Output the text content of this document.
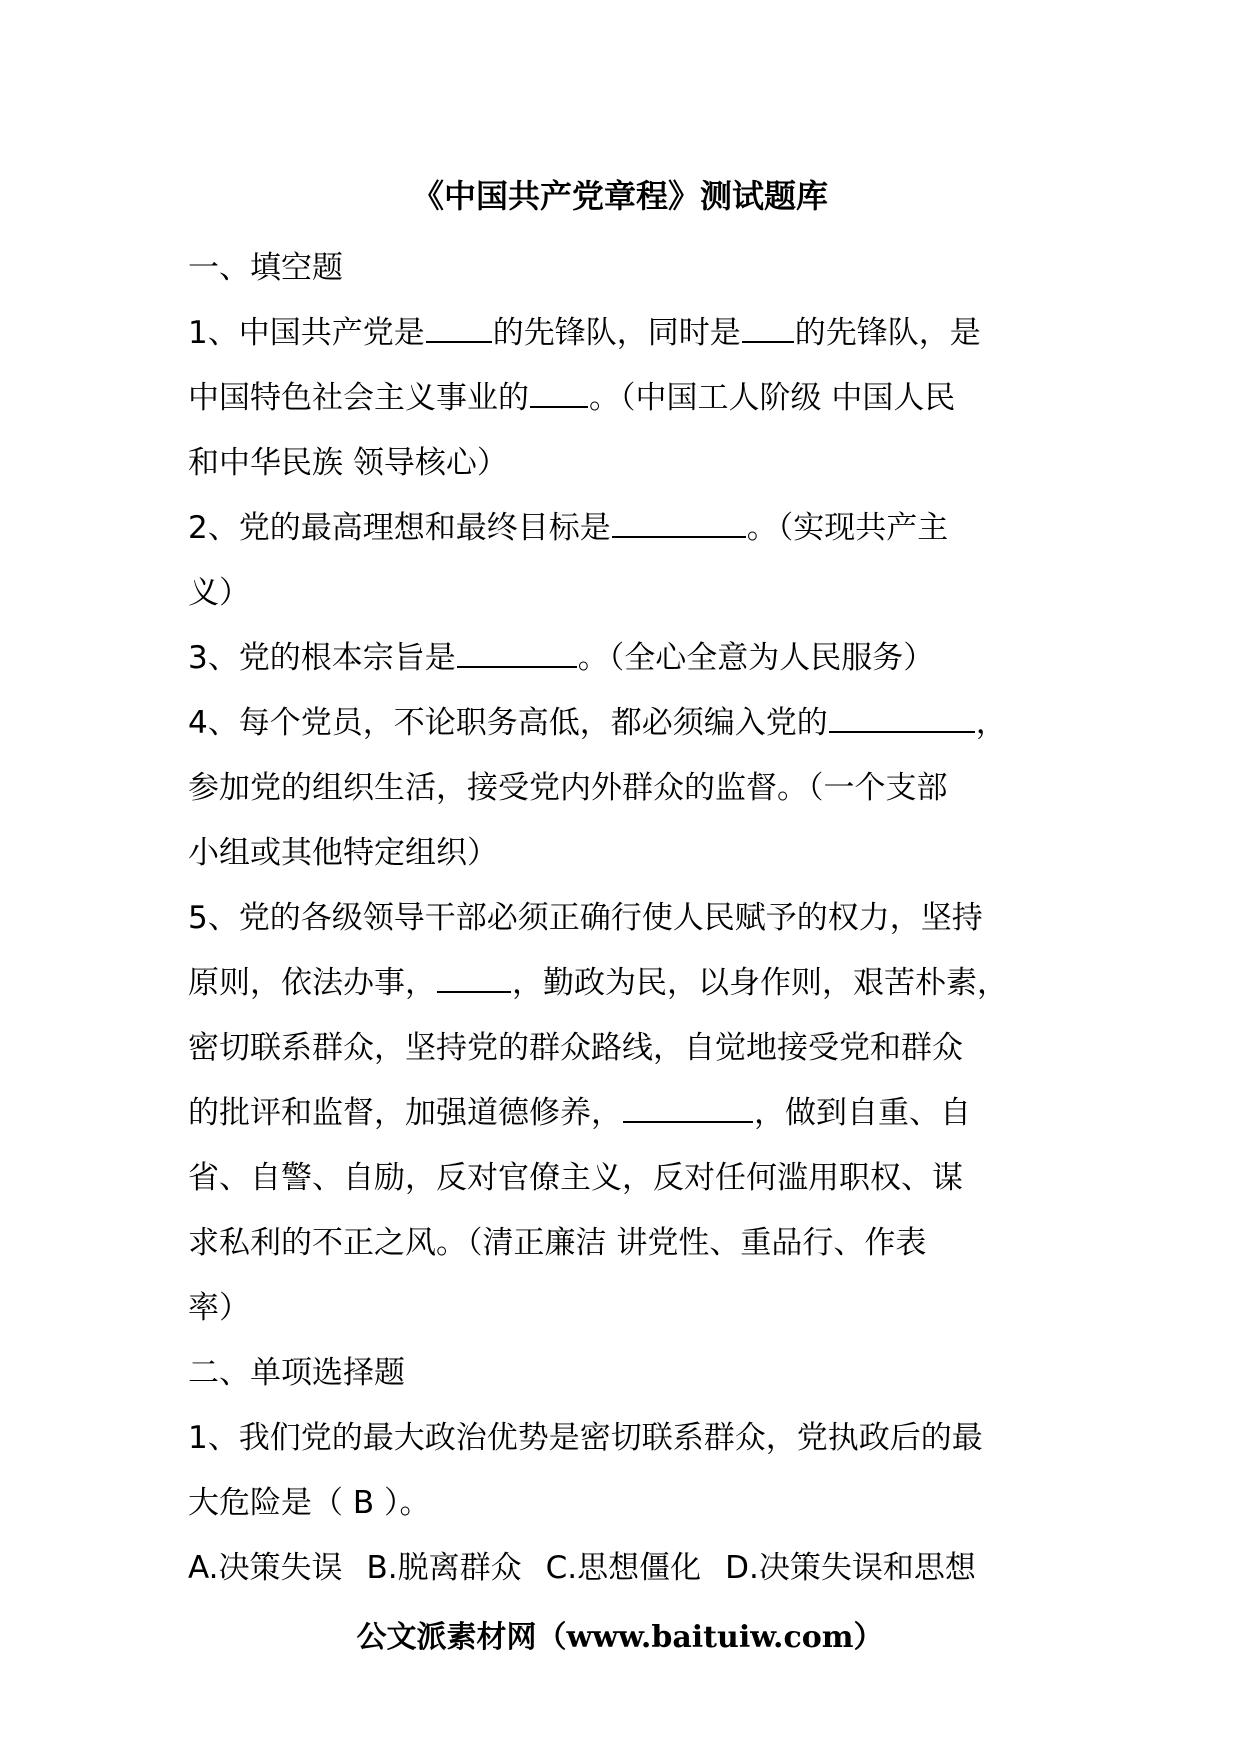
《中国共产党章程》测试题库

一、填空题

1、中国共产党是 的先锋队，同时是 的先锋队，是

中国特色社会主义事业的 。（中国工人阶级 中国人民

和中华民族 领导核心）

2、党的最高理想和最终目标是	。（实现共产主

义）

3、党的根本宗旨是	。（全心全意为人民服务）

4、每个党员，不论职务高低，都必须编入党的	，

参加党的组织生活，接受党内外群众的监督。（一个支部

小组或其他特定组织）

5、党的各级领导干部必须正确行使人民赋予的权力，坚持

原则，依法办事， ，勤政为民，以身作则，艰苦朴素，

密切联系群众，坚持党的群众路线，自觉地接受党和群众

的批评和监督，加强道德修养，	，做到自重、自

省、自警、自励，反对官僚主义，反对任何滥用职权、谋

求私利的不正之风。（清正廉洁 讲党性、重品行、作表

率）

二、单项选择题

1、我们党的最大政治优势是密切联系群众，党执政后的最

大危险是（ B ）。

A.决策失误 B.脱离群众 C.思想僵化 D.决策失误和思想

公文派素材网（www.baituiw.com）
